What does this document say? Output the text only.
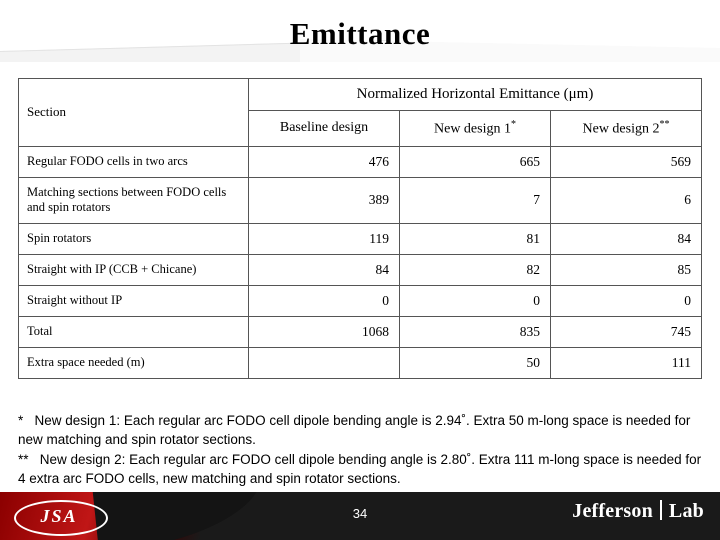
Emittance
Section	Normalized Horizontal Emittance (μm)		
	Baseline design	New design 1*	New design 2**
Regular FODO cells in two arcs	476	665	569
Matching sections between FODO cells and spin rotators	389	7	6
Spin rotators	119	81	84
Straight with IP (CCB + Chicane)	84	82	85
Straight without IP	0	0	0
Total	1068	835	745
Extra space needed (m)		50	111

* New design 1: Each regular arc FODO cell dipole bending angle is 2.94˚. Extra 50 m-long space is needed for new matching and spin rotator sections.

** New design 2: Each regular arc FODO cell dipole bending angle is 2.80˚. Extra 111 m-long space is needed for 4 extra arc FODO cells, new matching and spin rotator sections.

JSA	34	Jefferson Lab
